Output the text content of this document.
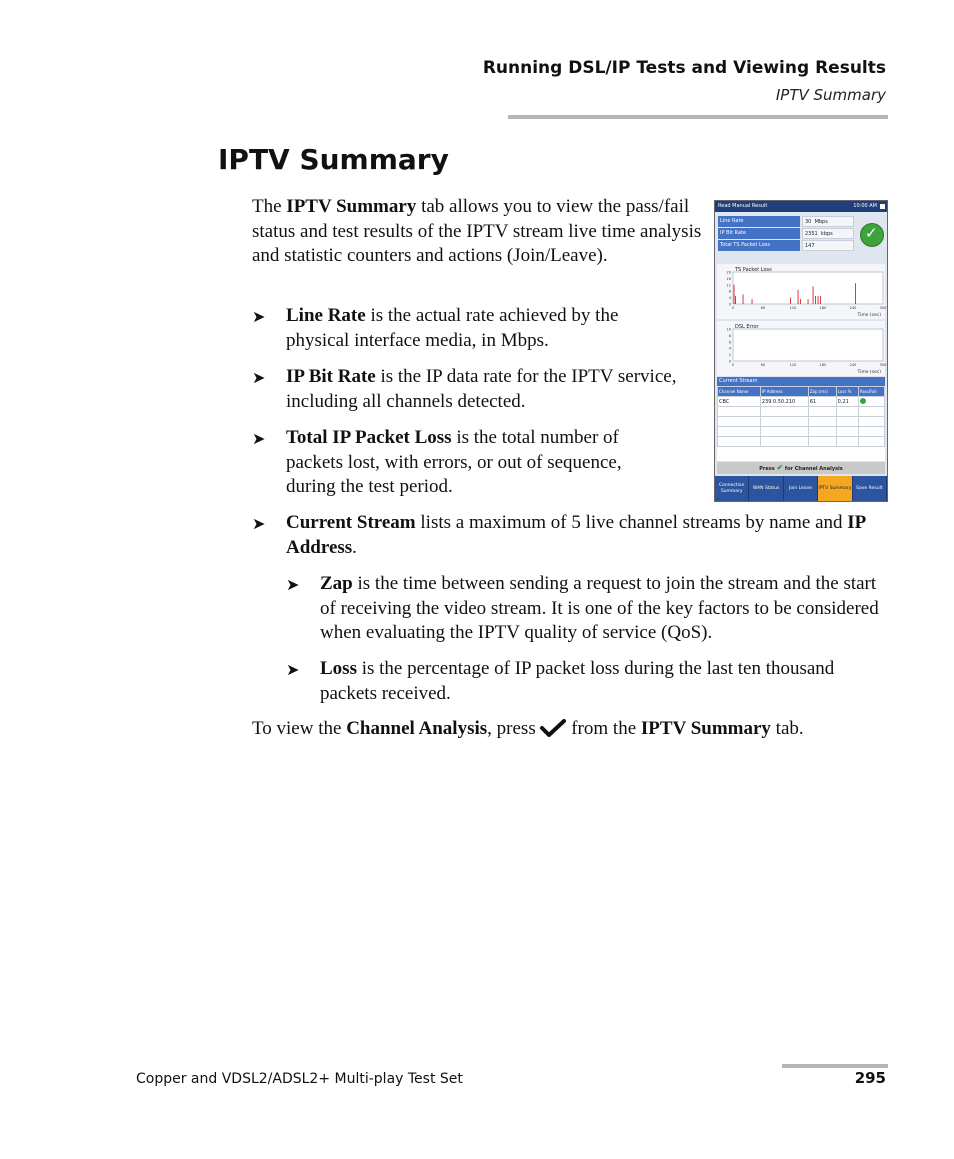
Running DSL/IP Tests and Viewing Results
IPTV Summary
IPTV Summary
The IPTV Summary tab allows you to view the pass/fail status and test results of the IPTV stream live time analysis and statistic counters and actions (Join/Leave).
➤ Line Rate is the actual rate achieved by the physical interface media, in Mbps.
➤ IP Bit Rate is the IP data rate for the IPTV service, including all channels detected.
➤ Total IP Packet Loss is the total number of packets lost, with errors, or out of sequence, during the test period.
➤ Current Stream lists a maximum of 5 live channel streams by name and IP Address.
➤ Zap is the time between sending a request to join the stream and the start of receiving the video stream. It is one of the key factors to be considered when evaluating the IPTV quality of service (QoS).
➤ Loss is the percentage of IP packet loss during the last ten thousand packets received.
To view the Channel Analysis, press  from the IPTV Summary tab.
Read Manual Result	10:00 AM
Line Rate	30 Mbps
IP Bit Rate	2351 kbps
Total TS Packet Loss	147
✓
TS Packet Loss
20
16
12
8
4
0
0	60	120	180	240	300
Time (sec)
DSL Error
10
8
6
4
2
0
0	60	120	180	240	300
Time (sec)
Current Stream
Channel Name	IP Address	Zap (ms)	Loss %	Pass/Fail
CBC	239.0.50.210	61	0.21	

Press ✔ for Channel Analysis
Connection Summary
WAN Status	Join Leave	IPTV Summary	Save Result
Copper and VDSL2/ADSL2+ Multi-play Test Set	295
